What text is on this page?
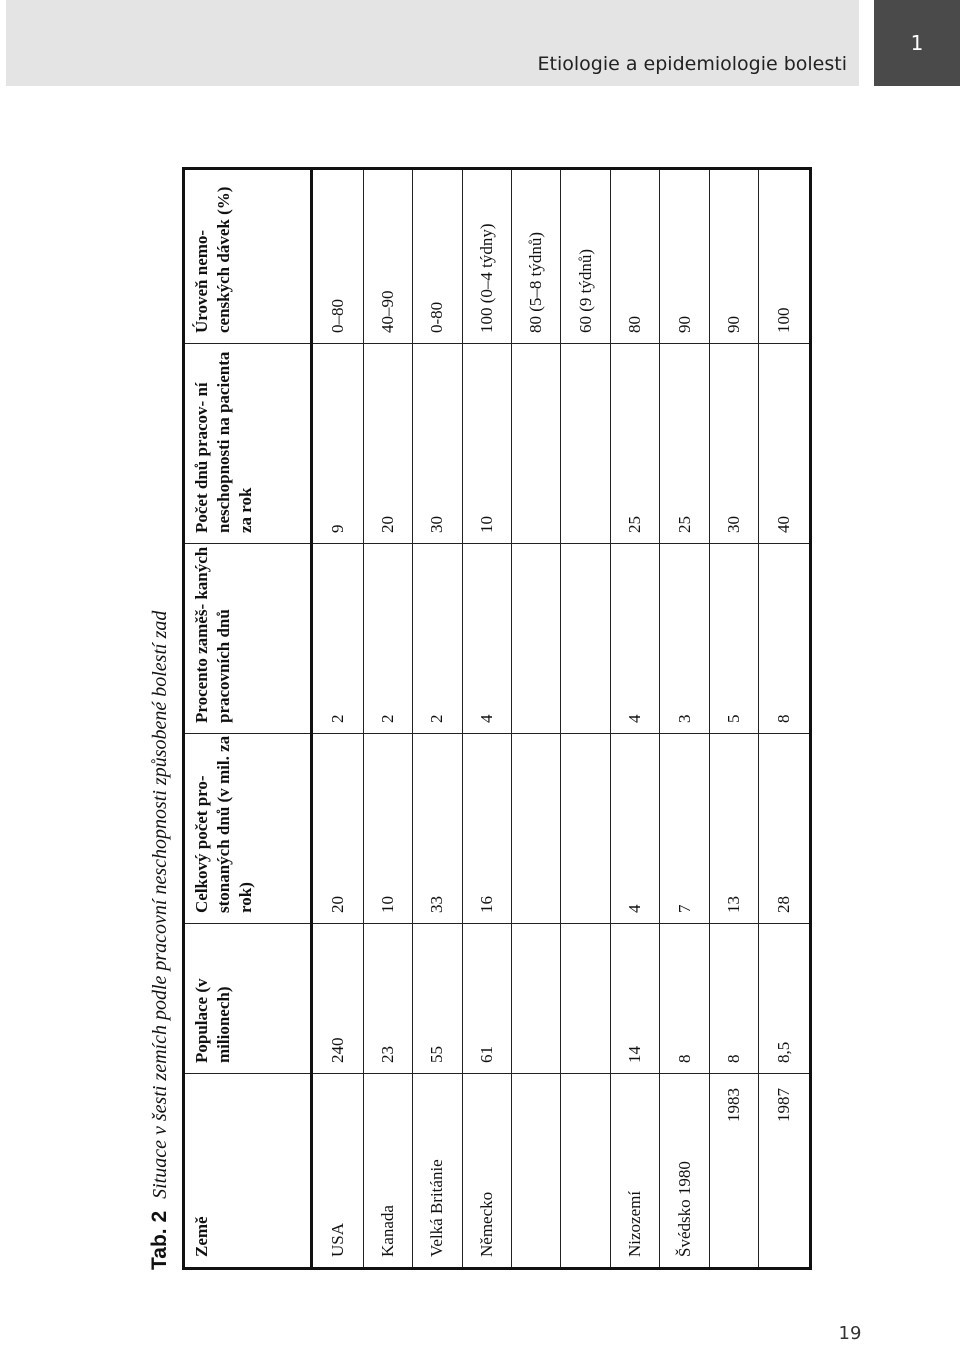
Etiologie a epidemiologie bolesti
1
19
Tab. 2Situace v šesti zemích podle pracovní neschopnosti způsobené bolestí zad
Země	Populace (v milionech)	Celkový počet pro- stonaných dnů (v mil. za rok)	Procento zaměš- kaných pracovních dnů	Počet dnů pracov- ní neschopnosti na pacienta za rok	Úroveň nemo- cenských dávek (%)
USA	240	20	2	9	0–80
Kanada	23	10	2	20	40–90
Velká Británie	55	33	2	30	0-80
Německo	61	16	4	10	100 (0–4 týdny)
					80 (5–8 týdnů)
					60 (9 týdnů)
Nizozemí	14	4	4	25	80
Švédsko 1980	8	7	3	25	90
1983	8	13	5	30	90
1987	8,5	28	8	40	100
